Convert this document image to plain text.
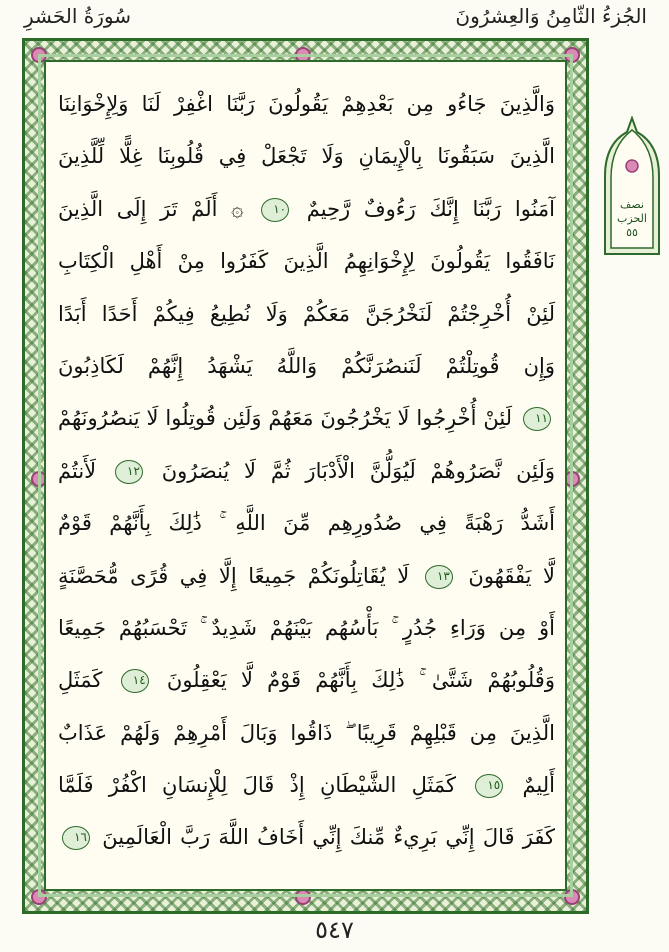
الجُزءُ الثّامِنُ وَالعِشرُونَ
سُورَةُ الحَشرِ
وَالَّذِينَ جَاءُو مِن بَعْدِهِمْ يَقُولُونَ رَبَّنَا اغْفِرْ لَنَا وَلِإِخْوَانِنَا
الَّذِينَ سَبَقُونَا بِالْإِيمَانِ وَلَا تَجْعَلْ فِي قُلُوبِنَا غِلًّا لِّلَّذِينَ
آمَنُوا رَبَّنَا إِنَّكَ رَءُوفٌ رَّحِيمٌ ١٠ ۞ أَلَمْ تَرَ إِلَى الَّذِينَ
نَافَقُوا يَقُولُونَ لِإِخْوَانِهِمُ الَّذِينَ كَفَرُوا مِنْ أَهْلِ الْكِتَابِ
لَئِنْ أُخْرِجْتُمْ لَنَخْرُجَنَّ مَعَكُمْ وَلَا نُطِيعُ فِيكُمْ أَحَدًا أَبَدًا
وَإِن قُوتِلْتُمْ لَنَنصُرَنَّكُمْ وَاللَّهُ يَشْهَدُ إِنَّهُمْ لَكَاذِبُونَ
١١ لَئِنْ أُخْرِجُوا لَا يَخْرُجُونَ مَعَهُمْ وَلَئِن قُوتِلُوا لَا يَنصُرُونَهُمْ
وَلَئِن نَّصَرُوهُمْ لَيُوَلُّنَّ الْأَدْبَارَ ثُمَّ لَا يُنصَرُونَ ١٢ لَأَنتُمْ
أَشَدُّ رَهْبَةً فِي صُدُورِهِم مِّنَ اللَّهِ ۚ ذَٰلِكَ بِأَنَّهُمْ قَوْمٌ
لَّا يَفْقَهُونَ ١٣ لَا يُقَاتِلُونَكُمْ جَمِيعًا إِلَّا فِي قُرًى مُّحَصَّنَةٍ
أَوْ مِن وَرَاءِ جُدُرٍ ۚ بَأْسُهُم بَيْنَهُمْ شَدِيدٌ ۚ تَحْسَبُهُمْ جَمِيعًا
وَقُلُوبُهُمْ شَتَّىٰ ۚ ذَٰلِكَ بِأَنَّهُمْ قَوْمٌ لَّا يَعْقِلُونَ ١٤ كَمَثَلِ
الَّذِينَ مِن قَبْلِهِمْ قَرِيبًا ۖ ذَاقُوا وَبَالَ أَمْرِهِمْ وَلَهُمْ عَذَابٌ
أَلِيمٌ ١٥ كَمَثَلِ الشَّيْطَانِ إِذْ قَالَ لِلْإِنسَانِ اكْفُرْ فَلَمَّا
كَفَرَ قَالَ إِنِّي بَرِيءٌ مِّنكَ إِنِّي أَخَافُ اللَّهَ رَبَّ الْعَالَمِينَ ١٦
نصف
الحزب
٥٥
٥٤٧
